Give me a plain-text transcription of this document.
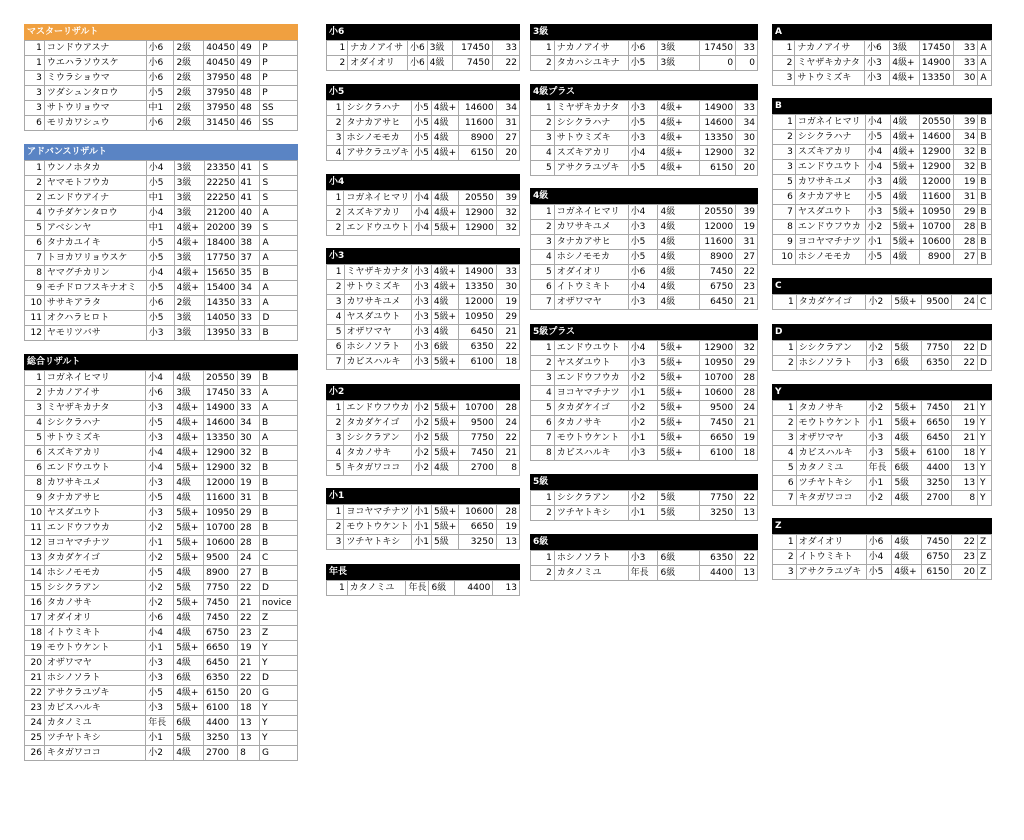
マスターリザルト
1	コンドウアスナ	小6	2級	40450	49	P
1	ウエハラソウスケ	小6	2級	40450	49	P
3	ミウラショウマ	小6	2級	37950	48	P
3	ツダシュンタロウ	小5	2級	37950	48	P
3	サトウリョウマ	中1	2級	37950	48	SS
6	モリカワシュウ	小6	2級	31450	46	SS
アドバンスリザルト
1	ウンノホタカ	小4	3級	23350	41	S
2	ヤマモトフウカ	小5	3級	22250	41	S
2	エンドウアイナ	中1	3級	22250	41	S
4	ウチダケンタロウ	小4	3級	21200	40	A
5	アベシンヤ	中1	4級+	20200	39	S
6	タナカユイキ	小5	4級+	18400	38	A
7	トヨカワリョウスケ	小5	3級	17750	37	A
8	ヤマグチカリン	小4	4級+	15650	35	B
9	モチドロフスキナオミ	小5	4級+	15400	34	A
10	ササキアラタ	小6	2級	14350	33	A
11	オクハラヒロト	小5	3級	14050	33	D
12	ヤモリツバサ	小3	3級	13950	33	B
総合リザルト
1	コガネイヒマリ	小4	4級	20550	39	B
2	ナカノアイサ	小6	3級	17450	33	A
3	ミヤザキカナタ	小3	4級+	14900	33	A
4	シシクラハナ	小5	4級+	14600	34	B
5	サトウミズキ	小3	4級+	13350	30	A
6	スズキアカリ	小4	4級+	12900	32	B
6	エンドウユウト	小4	5級+	12900	32	B
8	カワサキユメ	小3	4級	12000	19	B
9	タナカアサヒ	小5	4級	11600	31	B
10	ヤスダユウト	小3	5級+	10950	29	B
11	エンドウフウカ	小2	5級+	10700	28	B
12	ヨコヤマチナツ	小1	5級+	10600	28	B
13	タカダケイゴ	小2	5級+	9500	24	C
14	ホシノモモカ	小5	4級	8900	27	B
15	シシクラアン	小2	5級	7750	22	D
16	タカノサキ	小2	5級+	7450	21	novice
17	オダイオリ	小6	4級	7450	22	Z
18	イトウミキト	小4	4級	6750	23	Z
19	モウトウケント	小1	5級+	6650	19	Y
20	オザワマヤ	小3	4級	6450	21	Y
21	ホシノソラト	小3	6級	6350	22	D
22	アサクラユヅキ	小5	4級+	6150	20	G
23	カビスハルキ	小3	5級+	6100	18	Y
24	カタノミユ	年長	6級	4400	13	Y
25	ツチヤトキシ	小1	5級	3250	13	Y
26	キタガワココ	小2	4級	2700	8	G
小6
1	ナカノアイサ	小6	3級	17450	33
2	オダイオリ	小6	4級	7450	22
小5
1	シシクラハナ	小5	4級+	14600	34
2	タナカアサヒ	小5	4級	11600	31
3	ホシノモモカ	小5	4級	8900	27
4	アサクラユヅキ	小5	4級+	6150	20
小4
1	コガネイヒマリ	小4	4級	20550	39
2	スズキアカリ	小4	4級+	12900	32
2	エンドウユウト	小4	5級+	12900	32
小3
1	ミヤザキカナタ	小3	4級+	14900	33
2	サトウミズキ	小3	4級+	13350	30
3	カワサキユメ	小3	4級	12000	19
4	ヤスダユウト	小3	5級+	10950	29
5	オザワマヤ	小3	4級	6450	21
6	ホシノソラト	小3	6級	6350	22
7	カビスハルキ	小3	5級+	6100	18
小2
1	エンドウフウカ	小2	5級+	10700	28
2	タカダケイゴ	小2	5級+	9500	24
3	シシクラアン	小2	5級	7750	22
4	タカノサキ	小2	5級+	7450	21
5	キタガワココ	小2	4級	2700	8
小1
1	ヨコヤマチナツ	小1	5級+	10600	28
2	モウトウケント	小1	5級+	6650	19
3	ツチヤトキシ	小1	5級	3250	13
年長
1	カタノミユ	年長	6級	4400	13
3級
1	ナカノアイサ	小6	3級	17450	33
2	タカハシユキナ	小5	3級	0	0
4級プラス
1	ミヤザキカナタ	小3	4級+	14900	33
2	シシクラハナ	小5	4級+	14600	34
3	サトウミズキ	小3	4級+	13350	30
4	スズキアカリ	小4	4級+	12900	32
5	アサクラユヅキ	小5	4級+	6150	20
4級
1	コガネイヒマリ	小4	4級	20550	39
2	カワサキユメ	小3	4級	12000	19
3	タナカアサヒ	小5	4級	11600	31
4	ホシノモモカ	小5	4級	8900	27
5	オダイオリ	小6	4級	7450	22
6	イトウミキト	小4	4級	6750	23
7	オザワマヤ	小3	4級	6450	21
5級プラス
1	エンドウユウト	小4	5級+	12900	32
2	ヤスダユウト	小3	5級+	10950	29
3	エンドウフウカ	小2	5級+	10700	28
4	ヨコヤマチナツ	小1	5級+	10600	28
5	タカダケイゴ	小2	5級+	9500	24
6	タカノサキ	小2	5級+	7450	21
7	モウトウケント	小1	5級+	6650	19
8	カビスハルキ	小3	5級+	6100	18
5級
1	シシクラアン	小2	5級	7750	22
2	ツチヤトキシ	小1	5級	3250	13
6級
1	ホシノソラト	小3	6級	6350	22
2	カタノミユ	年長	6級	4400	13
A
1	ナカノアイサ	小6	3級	17450	33	A
2	ミヤザキカナタ	小3	4級+	14900	33	A
3	サトウミズキ	小3	4級+	13350	30	A
B
1	コガネイヒマリ	小4	4級	20550	39	B
2	シシクラハナ	小5	4級+	14600	34	B
3	スズキアカリ	小4	4級+	12900	32	B
3	エンドウユウト	小4	5級+	12900	32	B
5	カワサキユメ	小3	4級	12000	19	B
6	タナカアサヒ	小5	4級	11600	31	B
7	ヤスダユウト	小3	5級+	10950	29	B
8	エンドウフウカ	小2	5級+	10700	28	B
9	ヨコヤマチナツ	小1	5級+	10600	28	B
10	ホシノモモカ	小5	4級	8900	27	B
C
1	タカダケイゴ	小2	5級+	9500	24	C
D
1	シシクラアン	小2	5級	7750	22	D
2	ホシノソラト	小3	6級	6350	22	D
Y
1	タカノサキ	小2	5級+	7450	21	Y
2	モウトウケント	小1	5級+	6650	19	Y
3	オザワマヤ	小3	4級	6450	21	Y
4	カビスハルキ	小3	5級+	6100	18	Y
5	カタノミユ	年長	6級	4400	13	Y
6	ツチヤトキシ	小1	5級	3250	13	Y
7	キタガワココ	小2	4級	2700	8	Y
Z
1	オダイオリ	小6	4級	7450	22	Z
2	イトウミキト	小4	4級	6750	23	Z
3	アサクラユヅキ	小5	4級+	6150	20	Z
